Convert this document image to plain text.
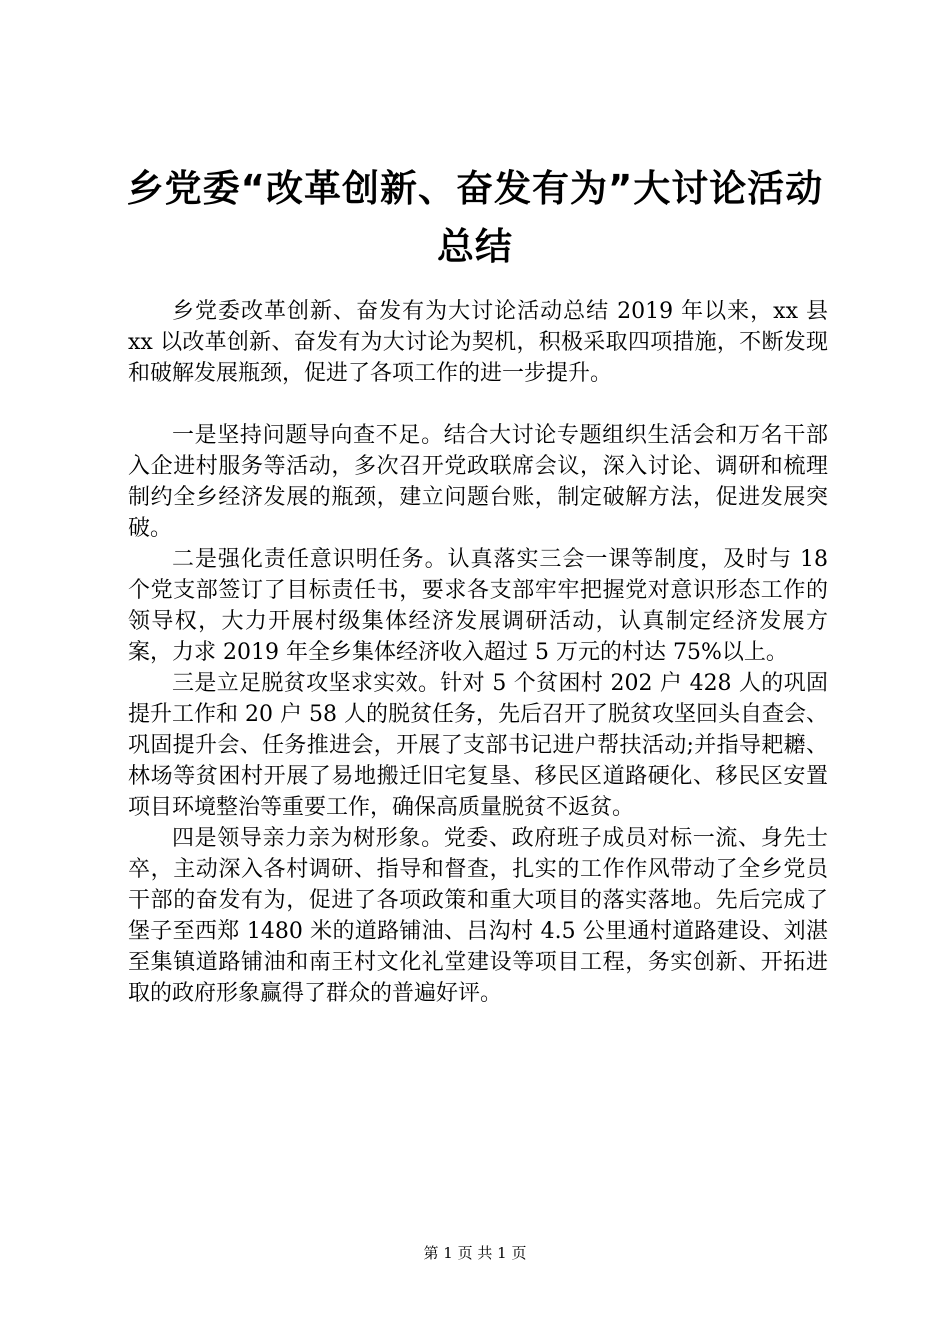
乡党委“改革创新、奋发有为”大讨论活动总结

乡党委改革创新、奋发有为大讨论活动总结 2019 年以来，xx 县 xx 以改革创新、奋发有为大讨论为契机，积极采取四项措施，不断发现和破解发展瓶颈，促进了各项工作的进一步提升。

一是坚持问题导向查不足。结合大讨论专题组织生活会和万名干部入企进村服务等活动，多次召开党政联席会议，深入讨论、调研和梳理制约全乡经济发展的瓶颈，建立问题台账，制定破解方法，促进发展突破。

二是强化责任意识明任务。认真落实三会一课等制度，及时与 18 个党支部签订了目标责任书，要求各支部牢牢把握党对意识形态工作的领导权，大力开展村级集体经济发展调研活动，认真制定经济发展方案，力求 2019 年全乡集体经济收入超过 5 万元的村达 75%以上。

三是立足脱贫攻坚求实效。针对 5 个贫困村 202 户 428 人的巩固提升工作和 20 户 58 人的脱贫任务，先后召开了脱贫攻坚回头自查会、巩固提升会、任务推进会，开展了支部书记进户帮扶活动;并指导耙耱、林场等贫困村开展了易地搬迁旧宅复垦、移民区道路硬化、移民区安置项目环境整治等重要工作，确保高质量脱贫不返贫。

四是领导亲力亲为树形象。党委、政府班子成员对标一流、身先士卒，主动深入各村调研、指导和督查，扎实的工作作风带动了全乡党员干部的奋发有为，促进了各项政策和重大项目的落实落地。先后完成了堡子至西郑 1480 米的道路铺油、吕沟村 4.5 公里通村道路建设、刘湛至集镇道路铺油和南王村文化礼堂建设等项目工程，务实创新、开拓进取的政府形象赢得了群众的普遍好评。

第 1 页 共 1 页
